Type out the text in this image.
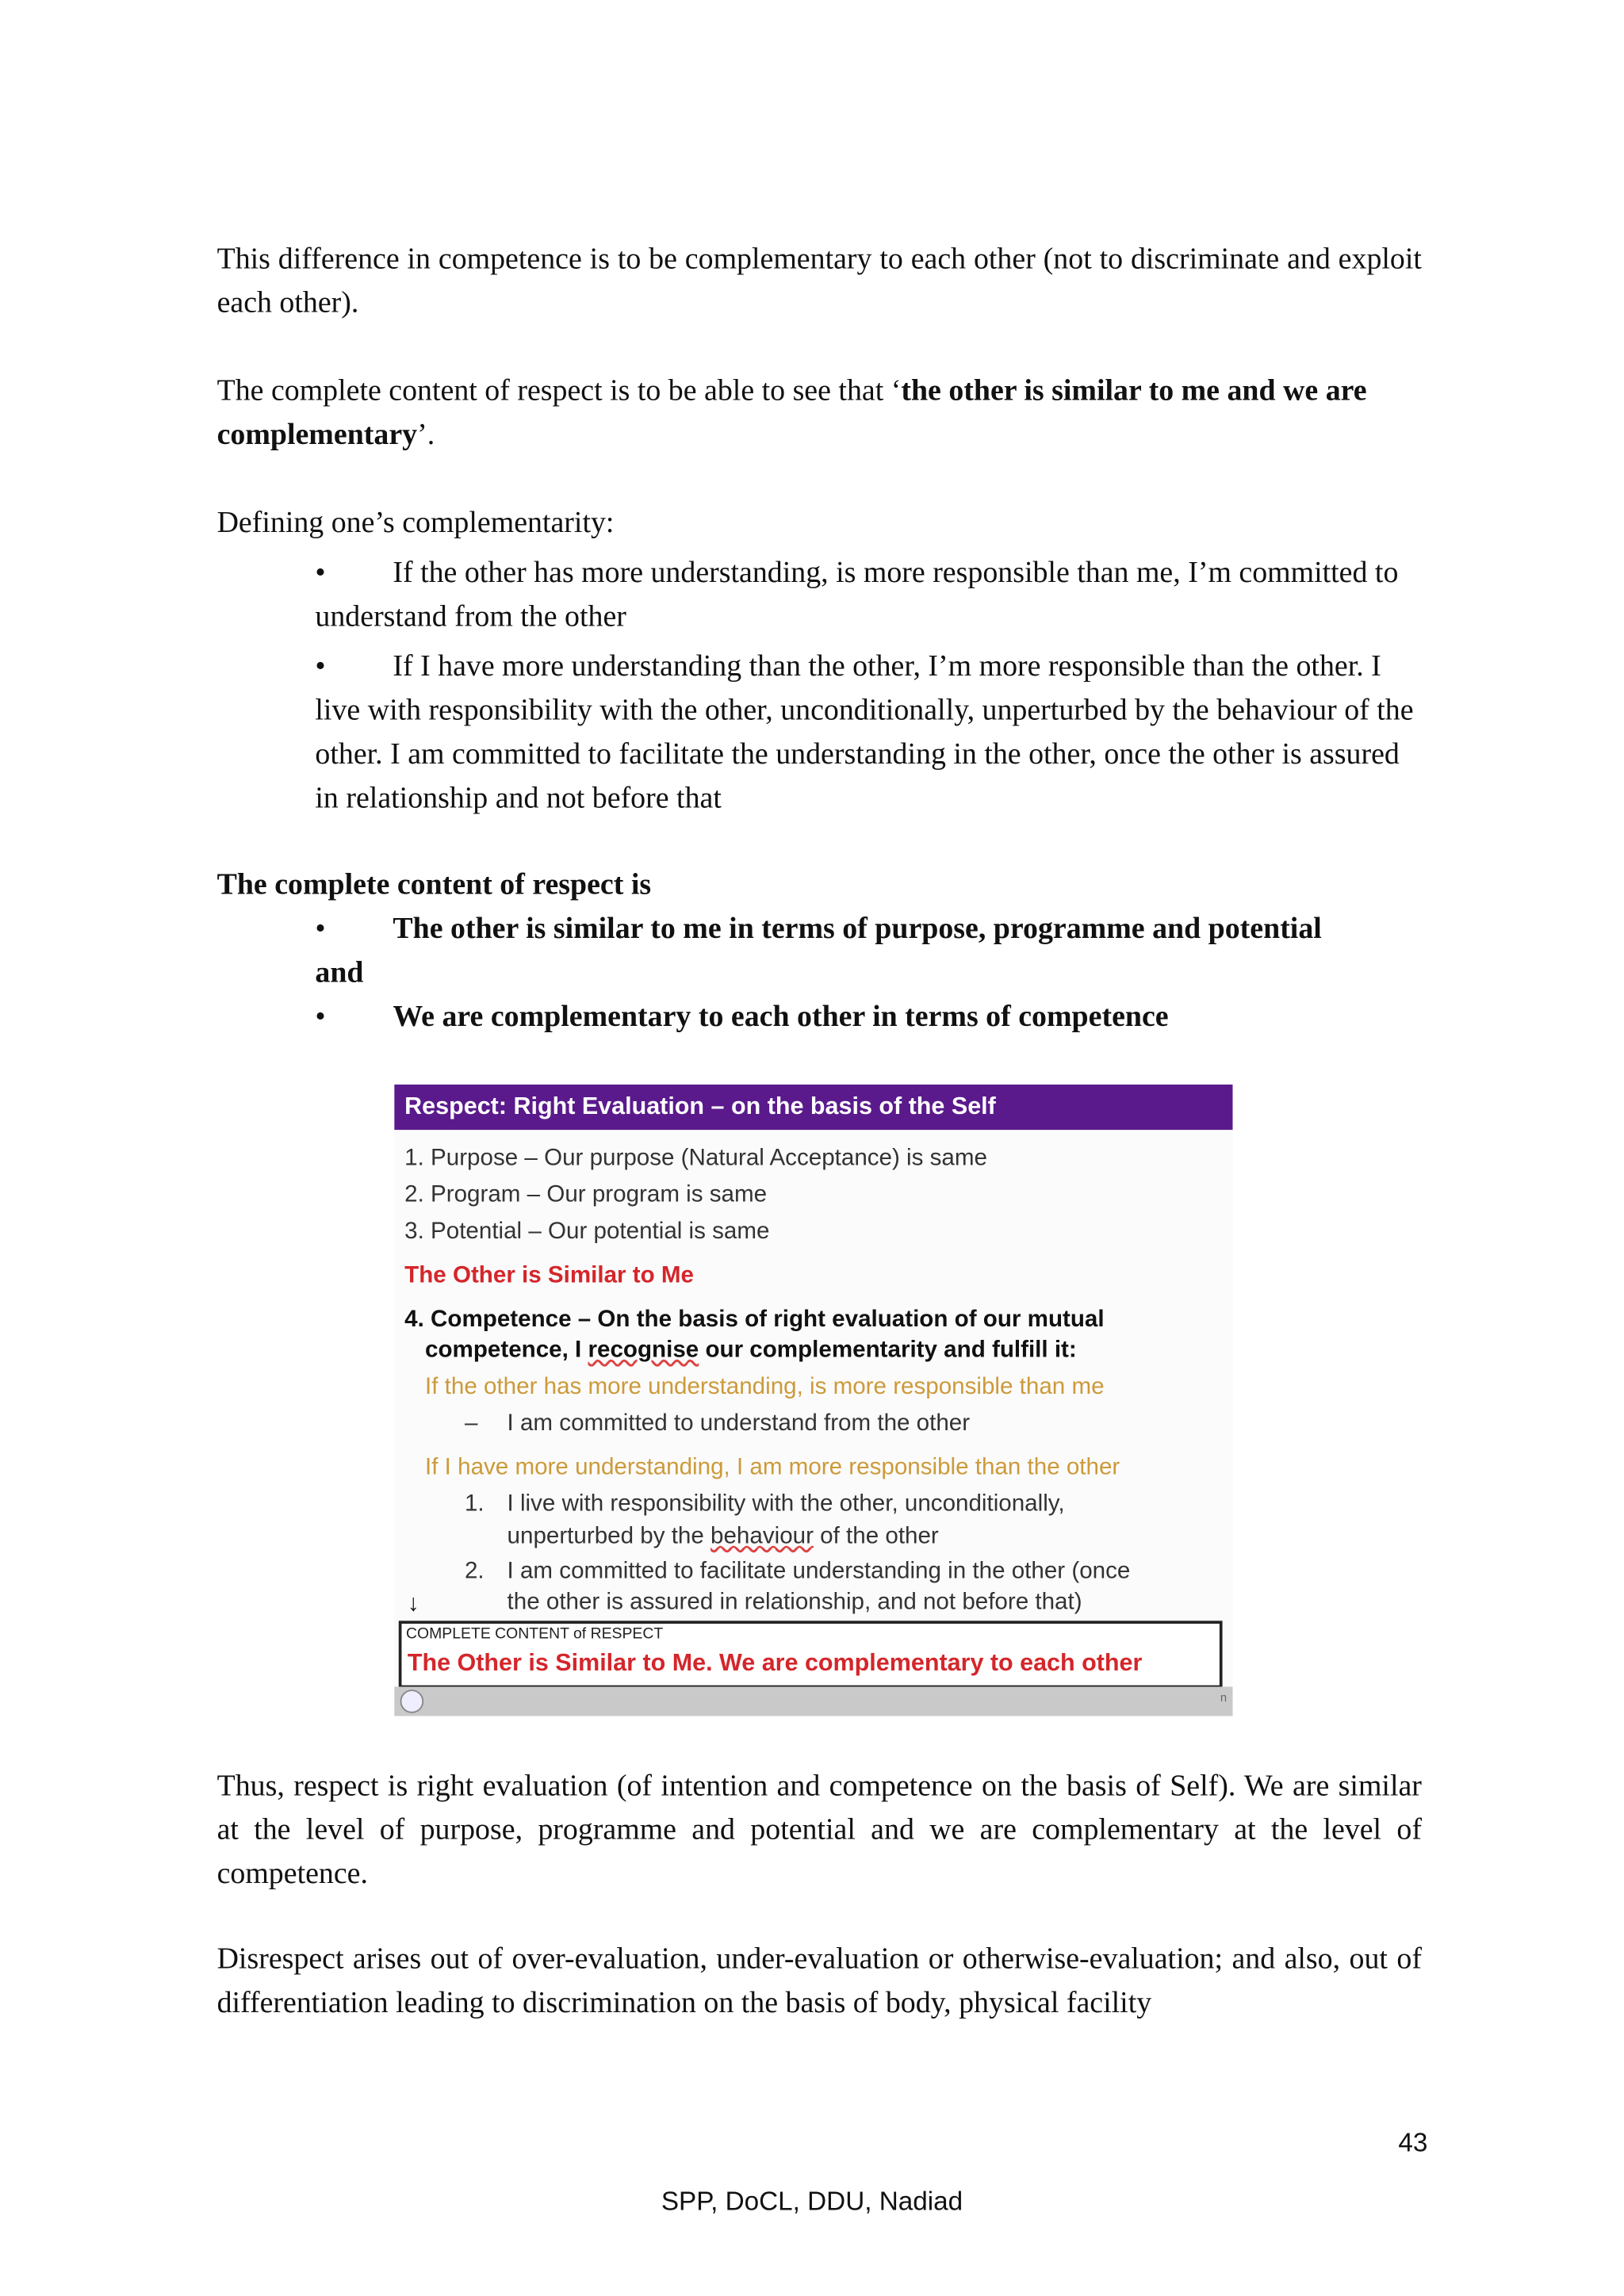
This difference in competence is to be complementary to each other (not to discriminate and exploit each other).

The complete content of respect is to be able to see that ‘the other is similar to me and we are complementary’.

Defining one’s complementarity:

•	If the other has more understanding, is more responsible than me, I’m committed to understand from the other

•	If I have more understanding than the other, I’m more responsible than the other. I live with responsibility with the other, unconditionally, unperturbed by the behaviour of the other. I am committed to facilitate the understanding in the other, once the other is assured in relationship and not before that

The complete content of respect is

•	The other is similar to me in terms of purpose, programme and potential
and

•	We are complementary to each other in terms of competence

Respect: Right Evaluation – on the basis of the Self
1. Purpose – Our purpose (Natural Acceptance) is same
2. Program – Our program is same
3. Potential – Our potential is same
The Other is Similar to Me
4. Competence – On the basis of right evaluation of our mutual
competence, I recognise our complementarity and fulfill it:
If the other has more understanding, is more responsible than me
– I am committed to understand from the other
If I have more understanding, I am more responsible than the other
1. I live with responsibility with the other, unconditionally,
unperturbed by the behaviour of the other
2. I am committed to facilitate understanding in the other (once
the other is assured in relationship, and not before that)
↓
COMPLETE CONTENT of RESPECT
The Other is Similar to Me. We are complementary to each other
n

Thus, respect is right evaluation (of intention and competence on the basis of Self). We are similar at the level of purpose, programme and potential and we are complementary at the level of competence.

Disrespect arises out of over-evaluation, under-evaluation or otherwise-evaluation; and also, out of differentiation leading to discrimination on the basis of body, physical facility

43
SPP, DoCL, DDU, Nadiad
